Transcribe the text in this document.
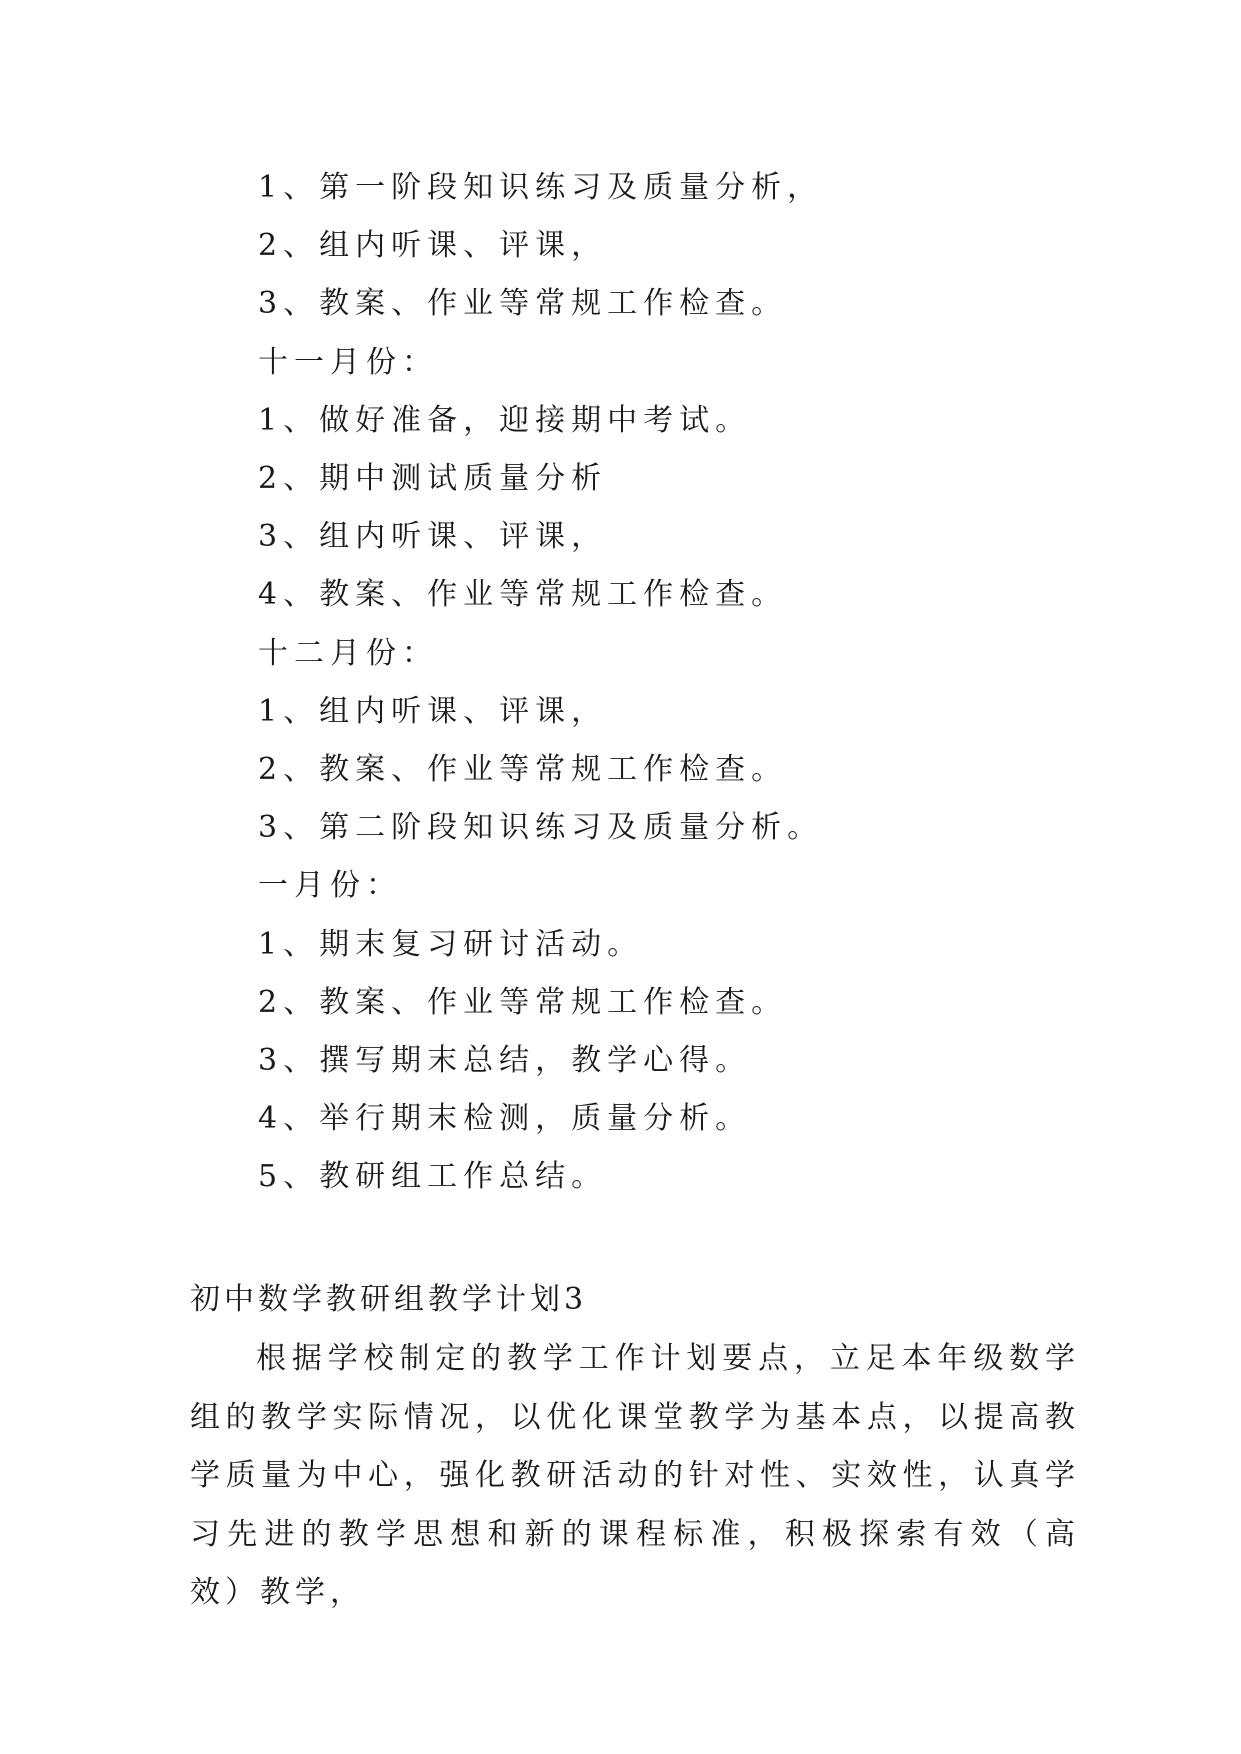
1、第一阶段知识练习及质量分析，
2、组内听课、评课，
3、教案、作业等常规工作检查。
十一月份：
1、做好准备，迎接期中考试。
2、期中测试质量分析
3、组内听课、评课，
4、教案、作业等常规工作检查。
十二月份：
1、组内听课、评课，
2、教案、作业等常规工作检查。
3、第二阶段知识练习及质量分析。
一月份：
1、期末复习研讨活动。
2、教案、作业等常规工作检查。
3、撰写期末总结，教学心得。
4、举行期末检测，质量分析。
5、教研组工作总结。
初中数学教研组教学计划3
根据学校制定的教学工作计划要点，立足本年级数学组的教学实际情况，以优化课堂教学为基本点，以提高教学质量为中心，强化教研活动的针对性、实效性，认真学习先进的教学思想和新的课程标准，积极探索有效（高效）教学，
